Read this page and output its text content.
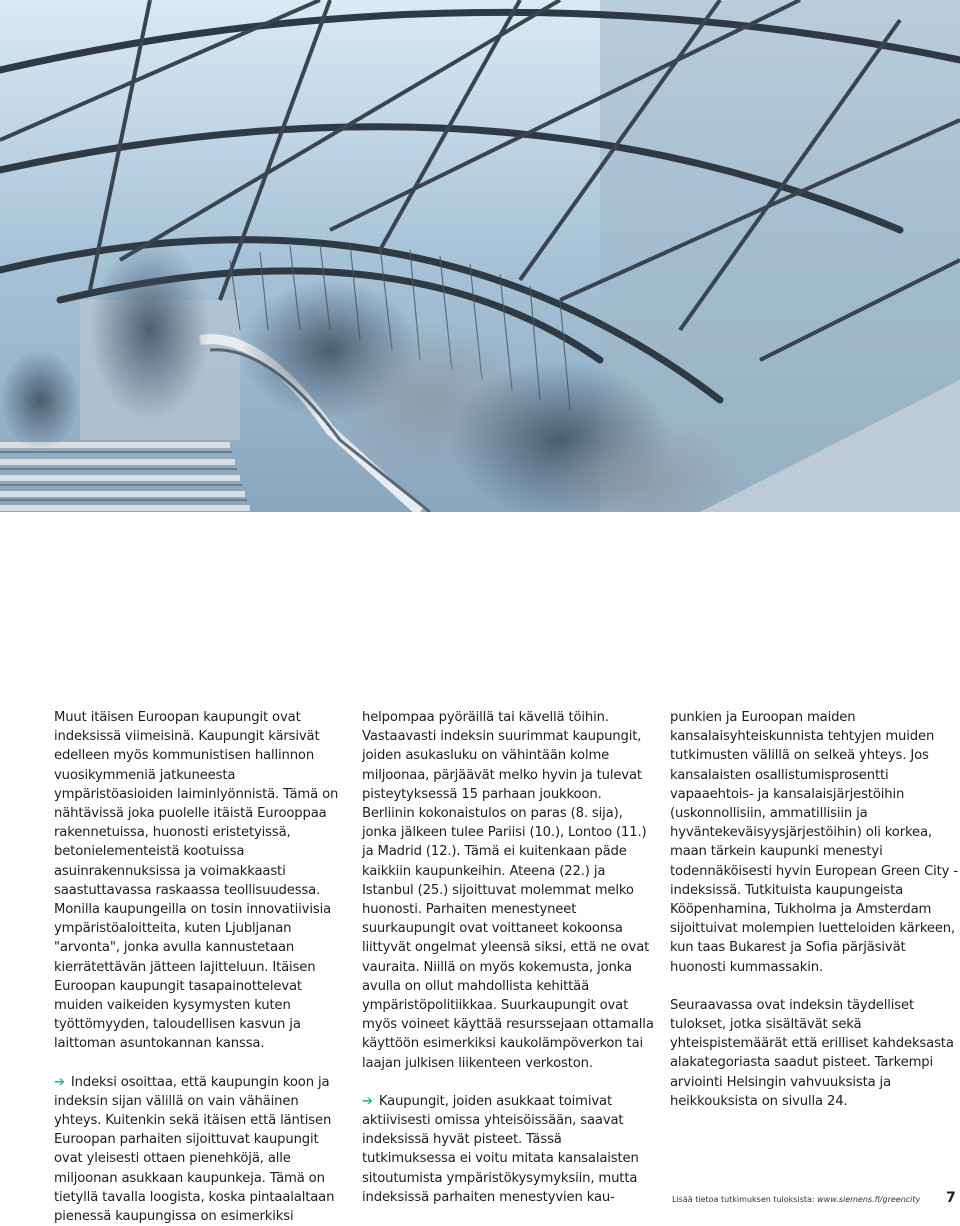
Muut itäisen Euroopan kaupungit ovat indeksissä viimeisinä. Kaupungit kärsivät edelleen myös kommunistisen hallinnon vuosikymmeniä jatkuneesta ympäristöasioiden laiminlyönnistä. Tämä on nähtävissä joka puolelle itäistä Eurooppaa rakennetuissa, huonosti eristetyissä, betonielementeistä kootuissa asuinrakennuksissa ja voimakkaasti saastuttavassa raskaassa teollisuudessa. Monilla kaupungeilla on tosin innovatiivisia ympäristöaloitteita, kuten Ljubljanan "arvonta", jonka avulla kannustetaan kierrätettävän jätteen lajitteluun. Itäisen Euroopan kaupungit tasapainottelevat muiden vaikeiden kysymysten kuten työttömyyden, taloudellisen kasvun ja laittoman asuntokannan kanssa.

➔ Indeksi osoittaa, että kaupungin koon ja indeksin sijan välillä on vain vähäinen yhteys. Kuitenkin sekä itäisen että läntisen Euroopan parhaiten sijoittuvat kaupungit ovat yleisesti ottaen pienehköjä, alle miljoonan asukkaan kaupunkeja. Tämä on tietyllä tavalla loogista, koska pintaalaltaan pienessä kaupungissa on esimerkiksi

helpompaa pyöräillä tai kävellä töihin. Vastaavasti indeksin suurimmat kaupungit, joiden asukasluku on vähintään kolme miljoonaa, pärjäävät melko hyvin ja tulevat pisteytyksessä 15 parhaan joukkoon. Berliinin kokonaistulos on paras (8. sija), jonka jälkeen tulee Pariisi (10.), Lontoo (11.) ja Madrid (12.). Tämä ei kuitenkaan päde kaikkiin kaupunkeihin. Ateena (22.) ja Istanbul (25.) sijoittuvat molemmat melko huonosti. Parhaiten menestyneet suurkaupungit ovat voittaneet kokoonsa liittyvät ongelmat yleensä siksi, että ne ovat vauraita. Niillä on myös kokemusta, jonka avulla on ollut mahdollista kehittää ympäristöpolitiikkaa. Suurkaupungit ovat myös voineet käyttää resurssejaan ottamalla käyttöön esimerkiksi kaukolämpöverkon tai laajan julkisen liikenteen verkoston.

➔ Kaupungit, joiden asukkaat toimivat aktiivisesti omissa yhteisöissään, saavat indeksissä hyvät pisteet. Tässä tutkimuksessa ei voitu mitata kansalaisten sitoutumista ympäristökysymyksiin, mutta indeksissä parhaiten menestyvien kau-

punkien ja Euroopan maiden kansalaisyhteiskunnista tehtyjen muiden tutkimusten välillä on selkeä yhteys. Jos kansalaisten osallistumisprosentti vapaaehtois- ja kansalaisjärjestöihin (uskonnollisiin, ammatillisiin ja hyväntekeväisyysjärjestöihin) oli korkea, maan tärkein kaupunki menestyi todennäköisesti hyvin European Green City -indeksissä. Tutkituista kaupungeista Kööpenhamina, Tukholma ja Amsterdam sijoittuivat molempien luetteloiden kärkeen, kun taas Bukarest ja Sofia pärjäsivät huonosti kummassakin.

Seuraavassa ovat indeksin täydelliset tulokset, jotka sisältävät sekä yhteispistemäärät että erilliset kahdeksasta alakategoriasta saadut pisteet. Tarkempi arviointi Helsingin vahvuuksista ja heikkouksista on sivulla 24.

Lisää tietoa tutkimuksen tuloksista: www.siemens.fi/greencity 7
